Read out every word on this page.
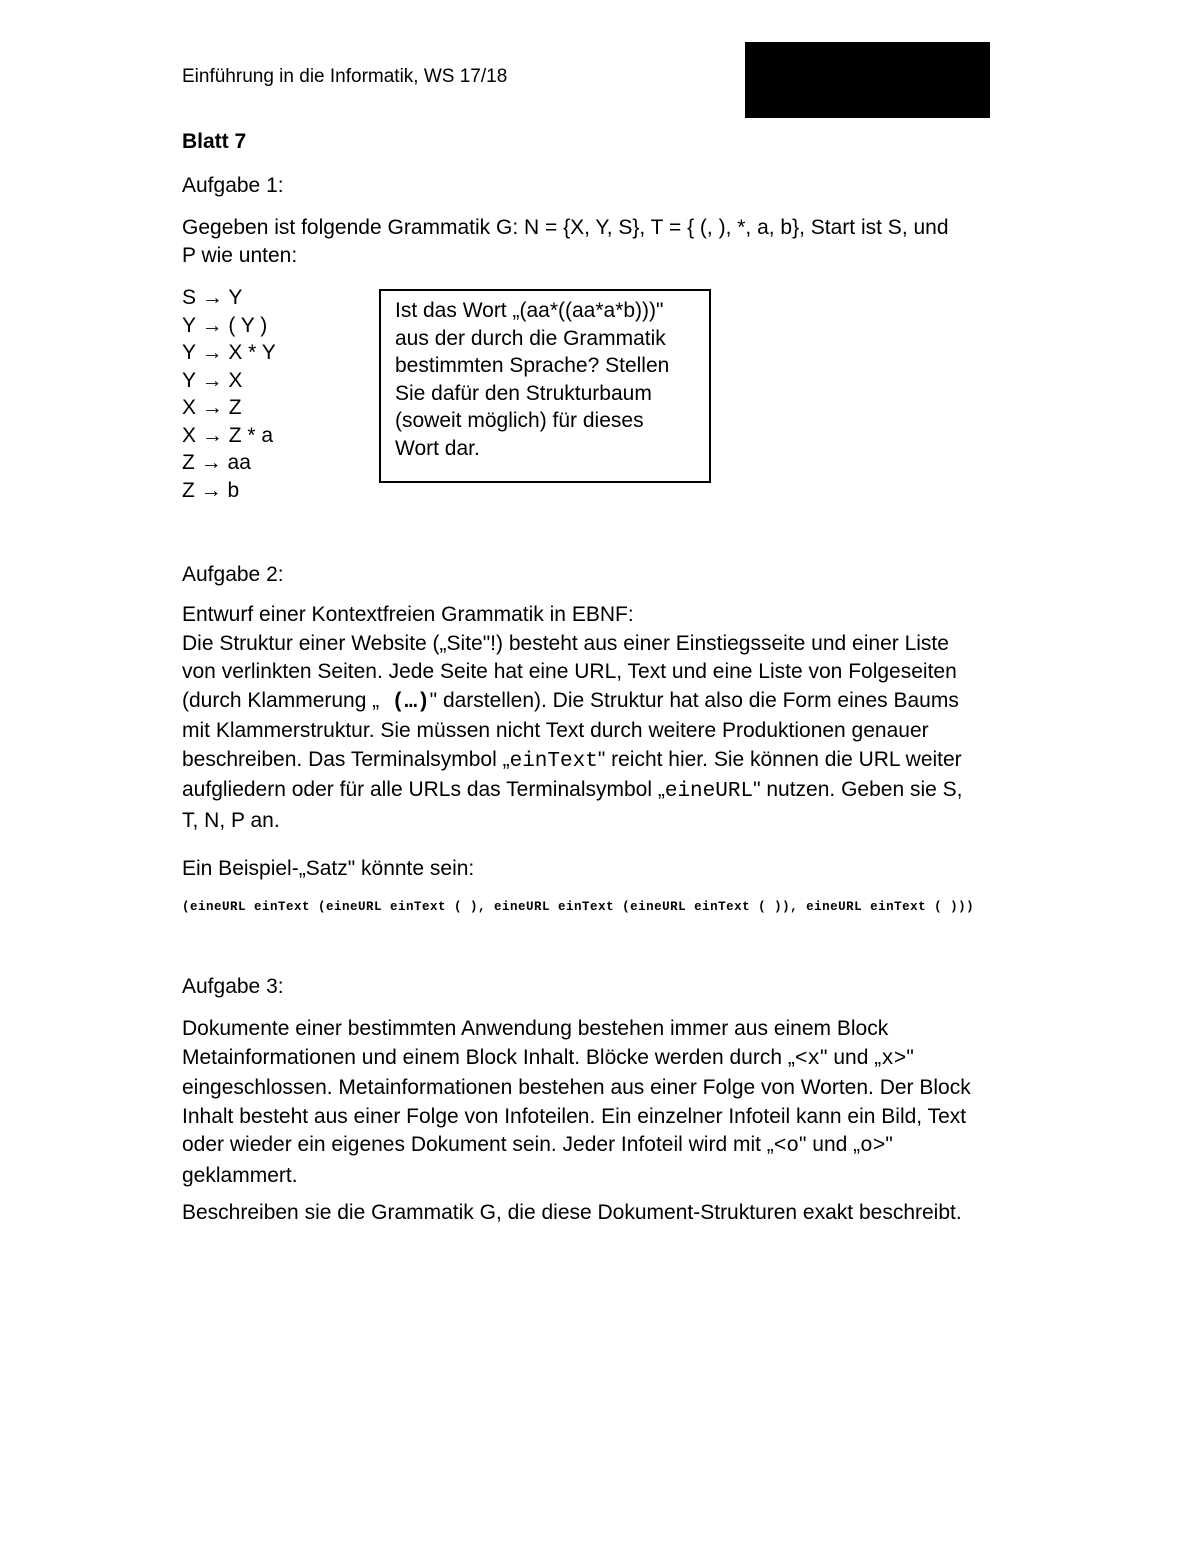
Einführung in die Informatik, WS 17/18
Blatt 7
Aufgabe 1:
Gegeben ist folgende Grammatik G: N = {X, Y, S}, T = { (, ), *, a, b}, Start ist S, und
P wie unten:
S → Y
Y → ( Y )
Y → X * Y
Y → X
X → Z
X → Z * a
Z → aa
Z → b
Ist das Wort „(aa*((aa*a*b)))"
aus der durch die Grammatik
bestimmten Sprache? Stellen
Sie dafür den Strukturbaum
(soweit möglich) für dieses
Wort dar.
Aufgabe 2:
Entwurf einer Kontextfreien Grammatik in EBNF:
Die Struktur einer Website („Site"!) besteht aus einer Einstiegsseite und einer Liste
von verlinkten Seiten. Jede Seite hat eine URL, Text und eine Liste von Folgeseiten
(durch Klammerung „ (…)" darstellen). Die Struktur hat also die Form eines Baums
mit Klammerstruktur. Sie müssen nicht Text durch weitere Produktionen genauer
beschreiben. Das Terminalsymbol „einText" reicht hier. Sie können die URL weiter
aufgliedern oder für alle URLs das Terminalsymbol „eineURL" nutzen. Geben sie S,
T, N, P an.
Ein Beispiel-„Satz" könnte sein:
(eineURL einText (eineURL einText ( ), eineURL einText (eineURL einText ( )), eineURL einText ( )))
Aufgabe 3:
Dokumente einer bestimmten Anwendung bestehen immer aus einem Block
Metainformationen und einem Block Inhalt. Blöcke werden durch „<x" und „x>"
eingeschlossen. Metainformationen bestehen aus einer Folge von Worten. Der Block
Inhalt besteht aus einer Folge von Infoteilen. Ein einzelner Infoteil kann ein Bild, Text
oder wieder ein eigenes Dokument sein. Jeder Infoteil wird mit „<o" und „o>"
geklammert.
Beschreiben sie die Grammatik G, die diese Dokument-Strukturen exakt beschreibt.
